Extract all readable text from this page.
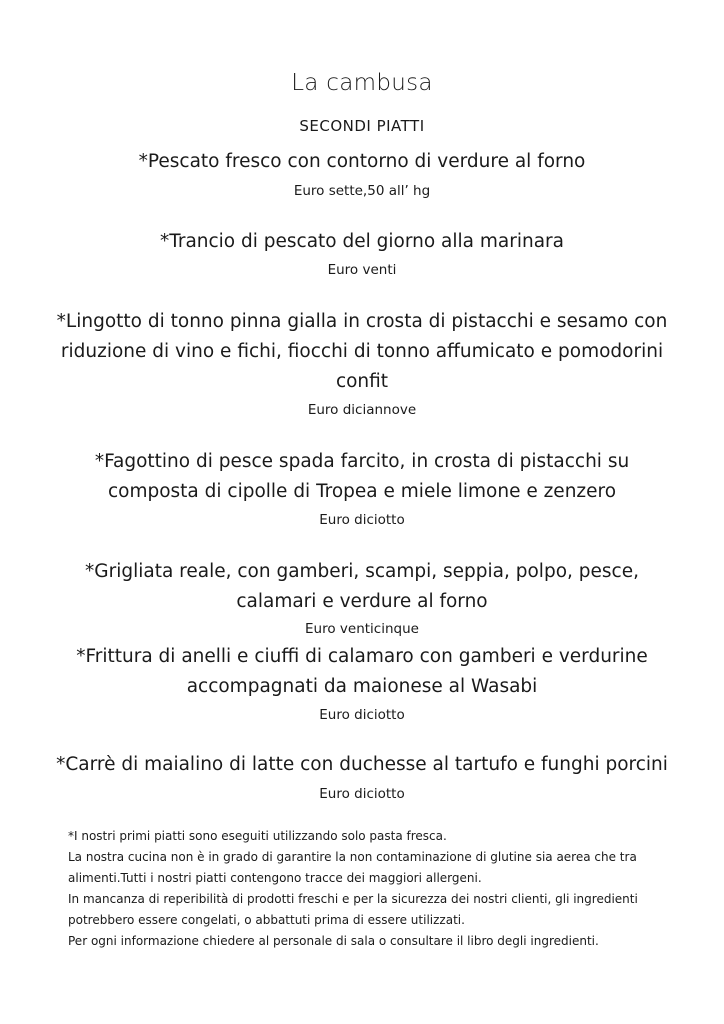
La cambusa
SECONDI PIATTI
*Pescato fresco con contorno di verdure al forno
Euro sette,50 all’ hg
*Trancio di pescato del giorno alla marinara
Euro venti
*Lingotto di tonno pinna gialla in crosta di pistacchi e sesamo con riduzione di vino e fichi, fiocchi di tonno affumicato e pomodorini confit
Euro diciannove
*Fagottino di pesce spada farcito, in crosta di pistacchi su composta di cipolle di Tropea e miele limone e zenzero
Euro diciotto
*Grigliata reale, con gamberi, scampi, seppia, polpo, pesce, calamari e verdure al forno
Euro venticinque
*Frittura di anelli e ciuffi di calamaro con gamberi e verdurine accompagnati da maionese al Wasabi
Euro diciotto
*Carrè di maialino di latte con duchesse al tartufo e funghi porcini
Euro diciotto
*I nostri primi piatti sono eseguiti utilizzando solo pasta fresca.
La nostra cucina non è in grado di garantire la non contaminazione di glutine sia aerea che tra
alimenti.Tutti i nostri piatti contengono tracce dei maggiori allergeni.
In mancanza di reperibilità di prodotti freschi e per la sicurezza dei nostri clienti, gli ingredienti
potrebbero essere congelati, o abbattuti prima di essere utilizzati.
Per ogni informazione chiedere al personale di sala o consultare il libro degli ingredienti.
